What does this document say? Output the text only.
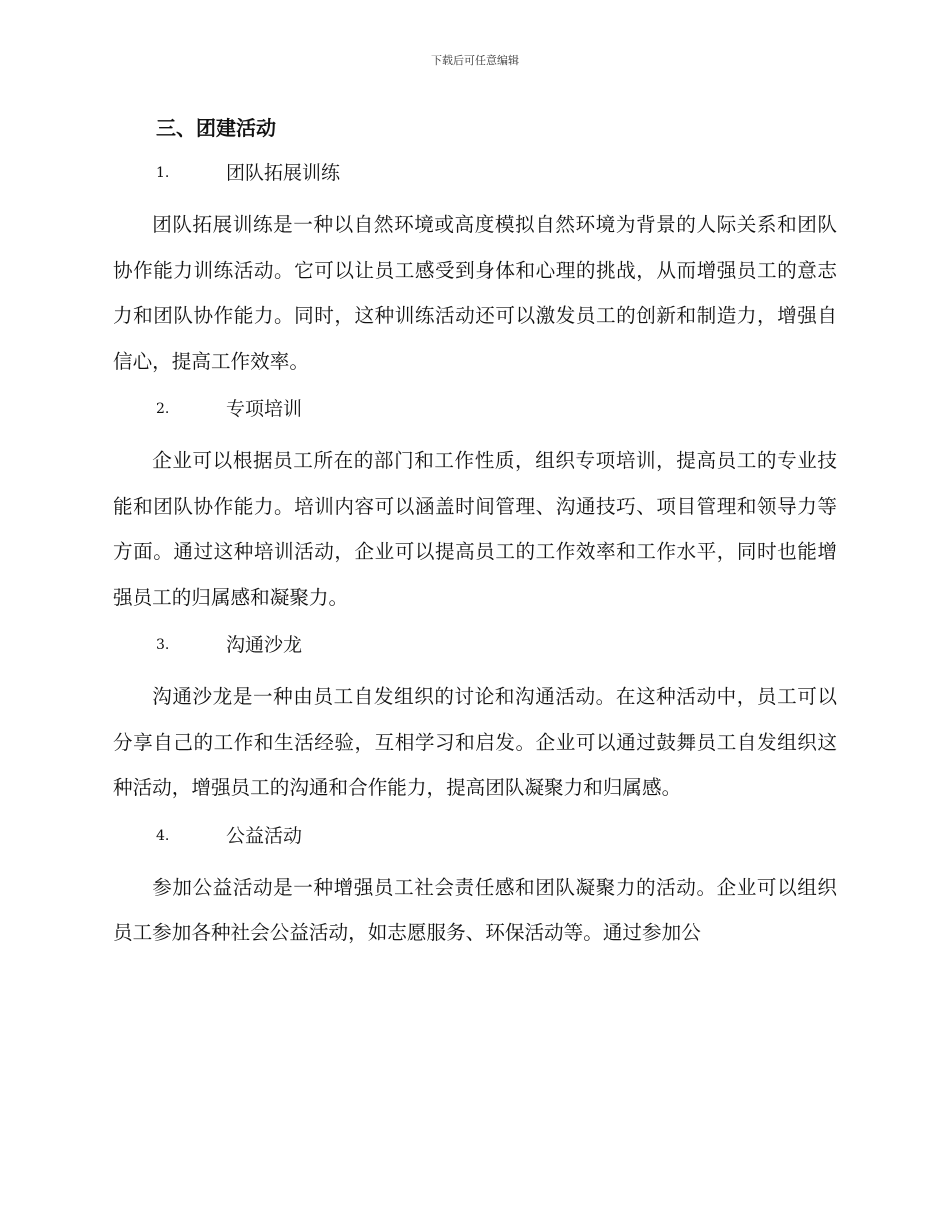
下载后可任意编辑
三、团建活动
1.	团队拓展训练

团队拓展训练是一种以自然环境或高度模拟自然环境为背景的人际关系和团队协作能力训练活动。它可以让员工感受到身体和心理的挑战，从而增强员工的意志力和团队协作能力。同时，这种训练活动还可以激发员工的创新和制造力，增强自信心，提高工作效率。

2.	专项培训

企业可以根据员工所在的部门和工作性质，组织专项培训，提高员工的专业技能和团队协作能力。培训内容可以涵盖时间管理、沟通技巧、项目管理和领导力等方面。通过这种培训活动，企业可以提高员工的工作效率和工作水平，同时也能增强员工的归属感和凝聚力。

3.	沟通沙龙

沟通沙龙是一种由员工自发组织的讨论和沟通活动。在这种活动中，员工可以分享自己的工作和生活经验，互相学习和启发。企业可以通过鼓舞员工自发组织这种活动，增强员工的沟通和合作能力，提高团队凝聚力和归属感。

4.	公益活动

参加公益活动是一种增强员工社会责任感和团队凝聚力的活动。企业可以组织员工参加各种社会公益活动，如志愿服务、环保活动等。通过参加公
